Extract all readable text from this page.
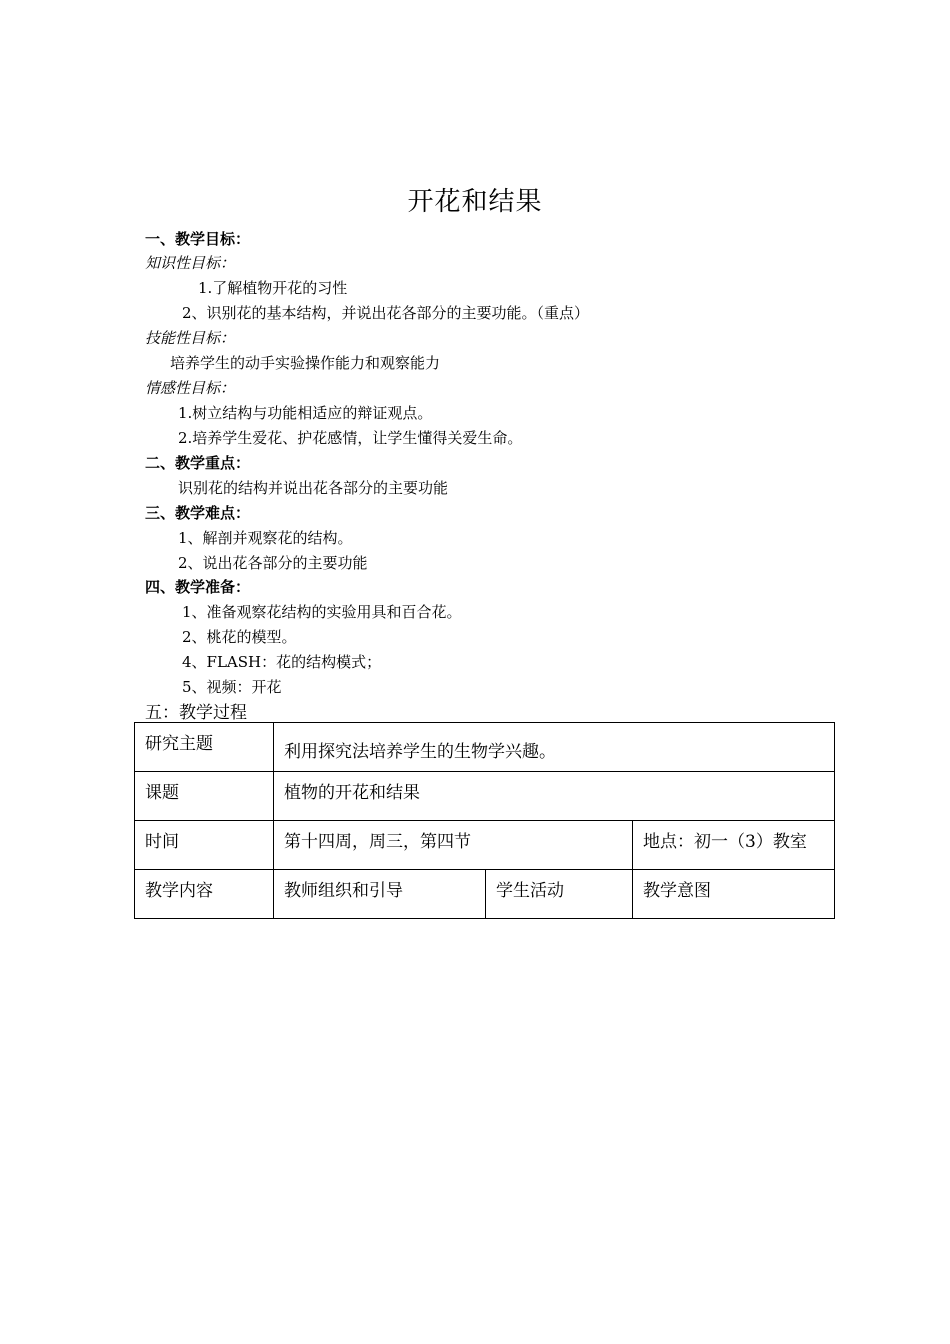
开花和结果
一、教学目标：
知识性目标：
1.了解植物开花的习性
2、识别花的基本结构，并说出花各部分的主要功能。（重点）
技能性目标：
培养学生的动手实验操作能力和观察能力
情感性目标：
1.树立结构与功能相适应的辩证观点。
2.培养学生爱花、护花感情，让学生懂得关爱生命。
二、教学重点：
识别花的结构并说出花各部分的主要功能
三、教学难点：
1、解剖并观察花的结构。
2、说出花各部分的主要功能
四、教学准备：
1、准备观察花结构的实验用具和百合花。
2、桃花的模型。
4、FLASH：花的结构模式；
5、视频：开花
五：教学过程
研究主题	利用探究法培养学生的生物学兴趣。
课题	植物的开花和结果
时间	第十四周，周三，第四节	地点：初一（3）教室
教学内容	教师组织和引导	学生活动	教学意图
